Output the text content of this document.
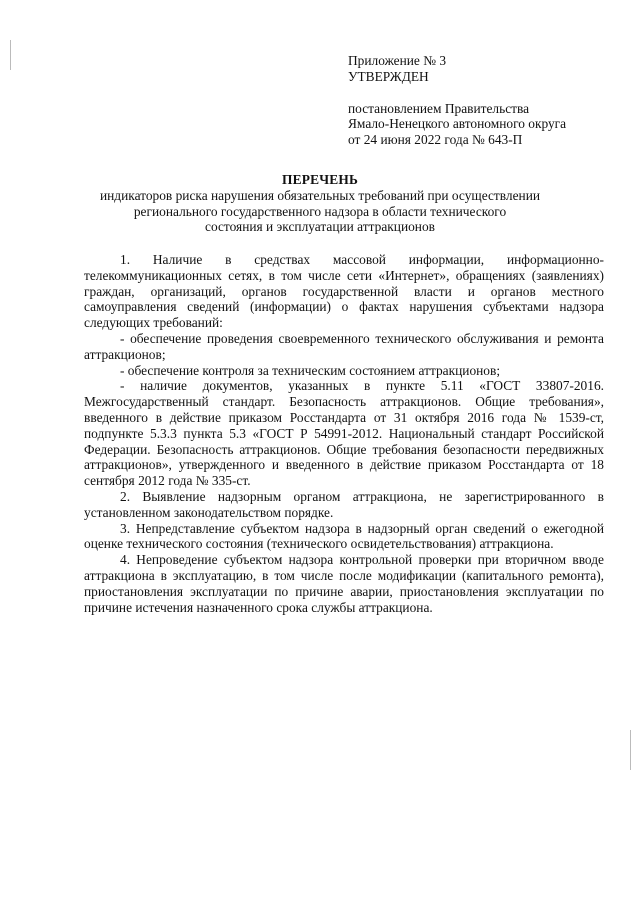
Приложение № 3
УТВЕРЖДЕН
постановлением Правительства
Ямало-Ненецкого автономного округа
от 24 июня 2022 года № 643-П
ПЕРЕЧЕНЬ
индикаторов риска нарушения обязательных требований при осуществлении
регионального государственного надзора в области технического
состояния и эксплуатации аттракционов

1. Наличие в средствах массовой информации, информационно-телекоммуникационных сетях, в том числе сети «Интернет», обращениях (заявлениях) граждан, организаций, органов государственной власти и органов местного самоуправления сведений (информации) о фактах нарушения субъектами надзора следующих требований:

- обеспечение проведения своевременного технического обслуживания и ремонта аттракционов;

- обеспечение контроля за техническим состоянием аттракционов;

- наличие документов, указанных в пункте 5.11 «ГОСТ 33807-2016. Межгосударственный стандарт. Безопасность аттракционов. Общие требования», введенного в действие приказом Росстандарта от 31 октября 2016 года № 1539-ст, подпункте 5.3.3 пункта 5.3 «ГОСТ Р 54991-2012. Национальный стандарт Российской Федерации. Безопасность аттракционов. Общие требования безопасности передвижных аттракционов», утвержденного и введенного в действие приказом Росстандарта от 18 сентября 2012 года № 335-ст.

2. Выявление надзорным органом аттракциона, не зарегистрированного в установленном законодательством порядке.

3. Непредставление субъектом надзора в надзорный орган сведений о ежегодной оценке технического состояния (технического освидетельствования) аттракциона.

4. Непроведение субъектом надзора контрольной проверки при вторичном вводе аттракциона в эксплуатацию, в том числе после модификации (капитального ремонта), приостановления эксплуатации по причине аварии, приостановления эксплуатации по причине истечения назначенного срока службы аттракциона.
